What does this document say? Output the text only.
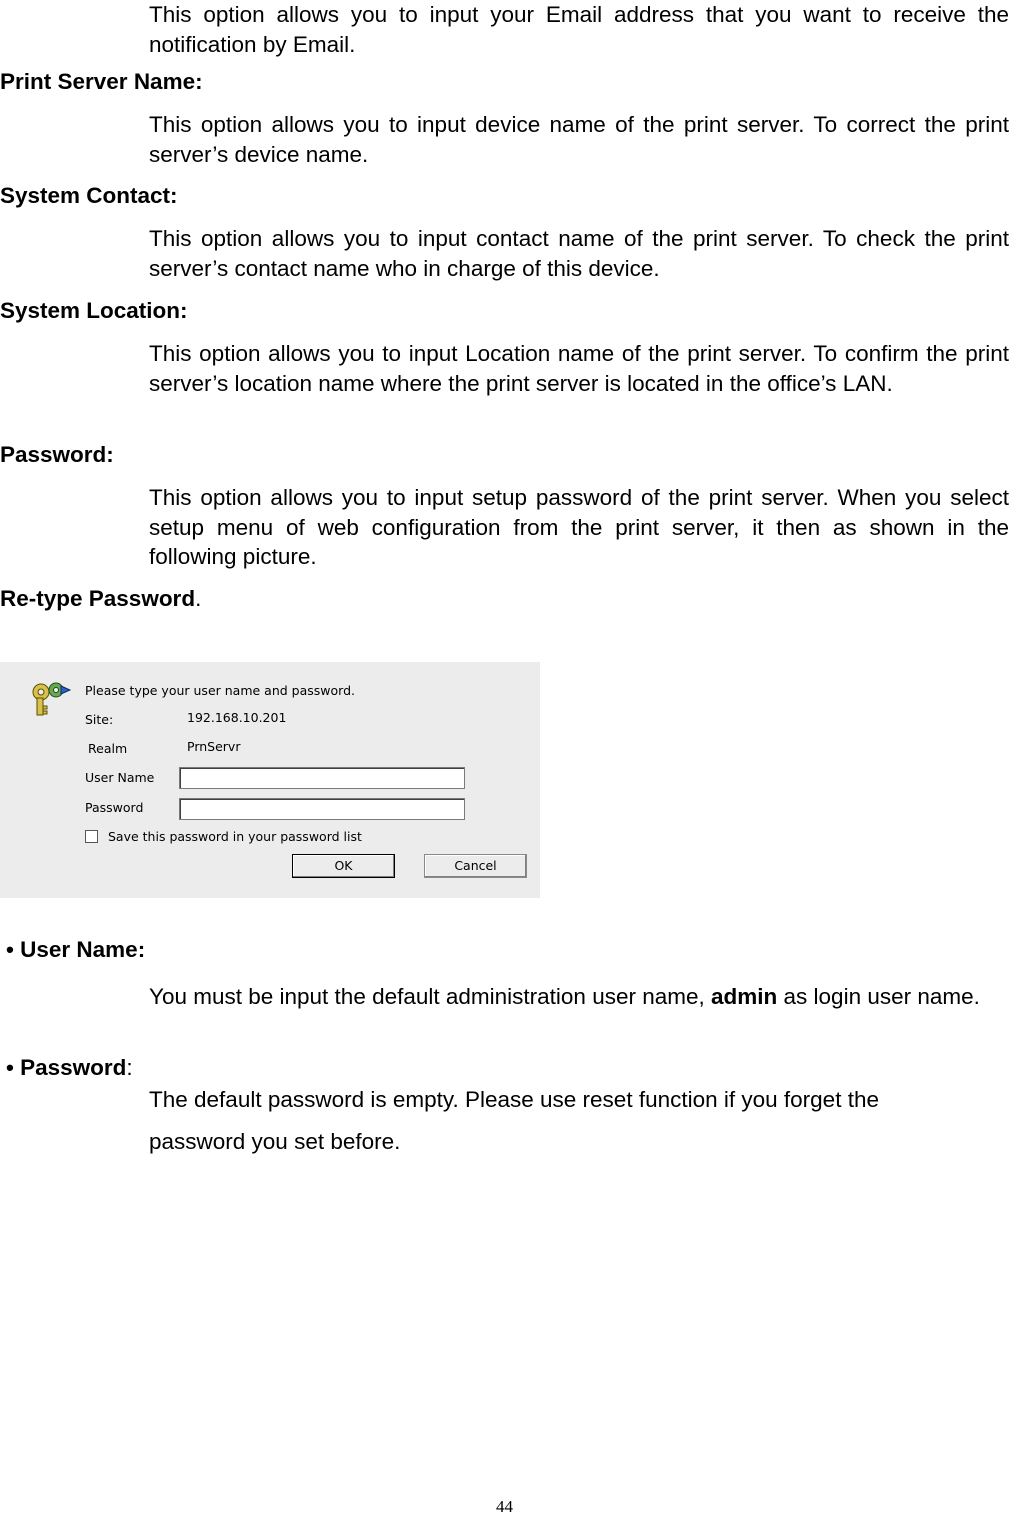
This option allows you to input your Email address that you want to receive the notification by Email.
Print Server Name:
This option allows you to input device name of the print server. To correct the print server’s device name.
System Contact:
This option allows you to input contact name of the print server. To check the print server’s contact name who in charge of this device.
System Location:
This option allows you to input Location name of the print server. To confirm the print server’s location name where the print server is located in the office’s LAN.
Password:
This option allows you to input setup password of the print server. When you select setup menu of web configuration from the print server, it then as shown in the following picture.
Re-type Password.
Please type your user name and password.
Site:	192.168.10.201
Realm	PrnServr
User Name
Password
Save this password in your password list
OK	Cancel
• User Name:
You must be input the default administration user name, admin as login user name.
• Password:
The default password is empty. Please use reset function if you forget the
password you set before.
44
